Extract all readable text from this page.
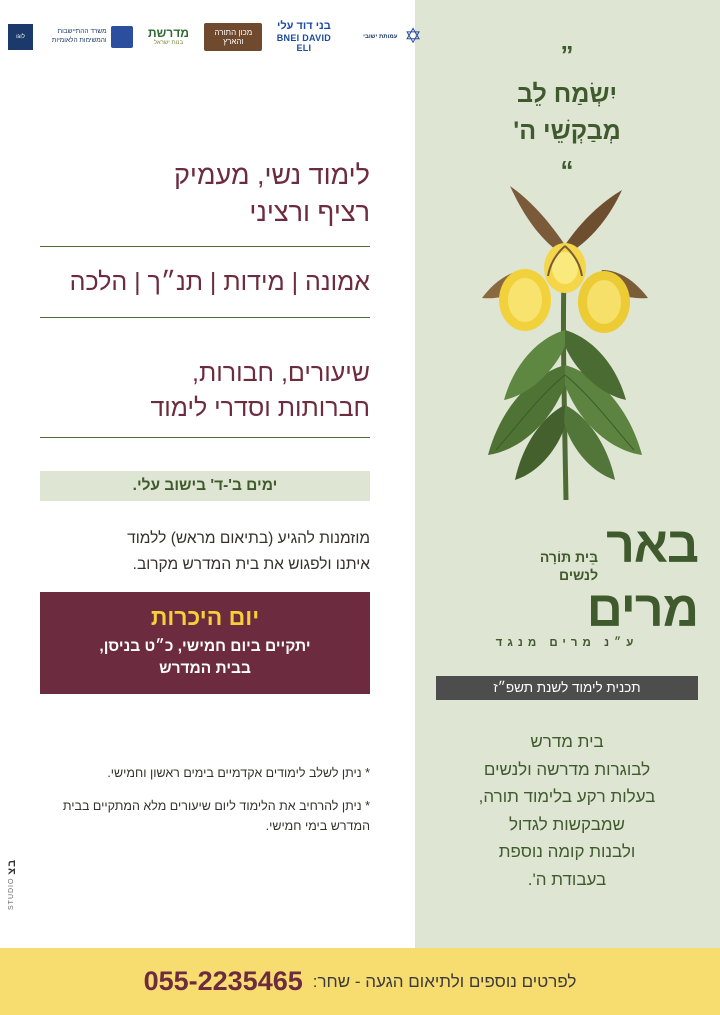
עמותת ישובי
בני דוד עלי
BNEI DAVID ELI
מכון התורה והארץ
מדרשת
בנות ישראל
משרד ההתיישבות והמשימות הלאומיות
לוגו	✡
לימוד נשי, מעמיק
רציף ורציני
אמונה | מידות | תנ״ך | הלכה
שיעורים, חבורות,
חברותות וסדרי לימוד
ימים ב'-ד' בישוב עלי.
מוזמנות להגיע (בתיאום מראש) ללמוד
איתנו ולפגוש את בית המדרש מקרוב.
יום היכרות
יתקיים ביום חמישי, כ״ט בניסן,
בבית המדרש
* ניתן לשלב לימודים אקדמיים בימים ראשון וחמישי.
* ניתן להרחיב את הלימוד ליום שיעורים מלא המתקיים בבית המדרש בימי חמישי.
בצ STUDIO
”
יִשְׂמַח לֵב
מְבַקְשֵׁי ה'
“
באר
בֵּית תּוֹרָה
לנשים
מרים
ע״נ מרים מנגד
תכנית לימוד לשנת תשפ״ז
בית מדרש
לבוגרות מדרשה ולנשים
בעלות רקע בלימוד תורה,
שמבקשות לגדול
ולבנות קומה נוספת
בעבודת ה'.
לפרטים נוספים ולתיאום הגעה - שחר:
055-2235465
